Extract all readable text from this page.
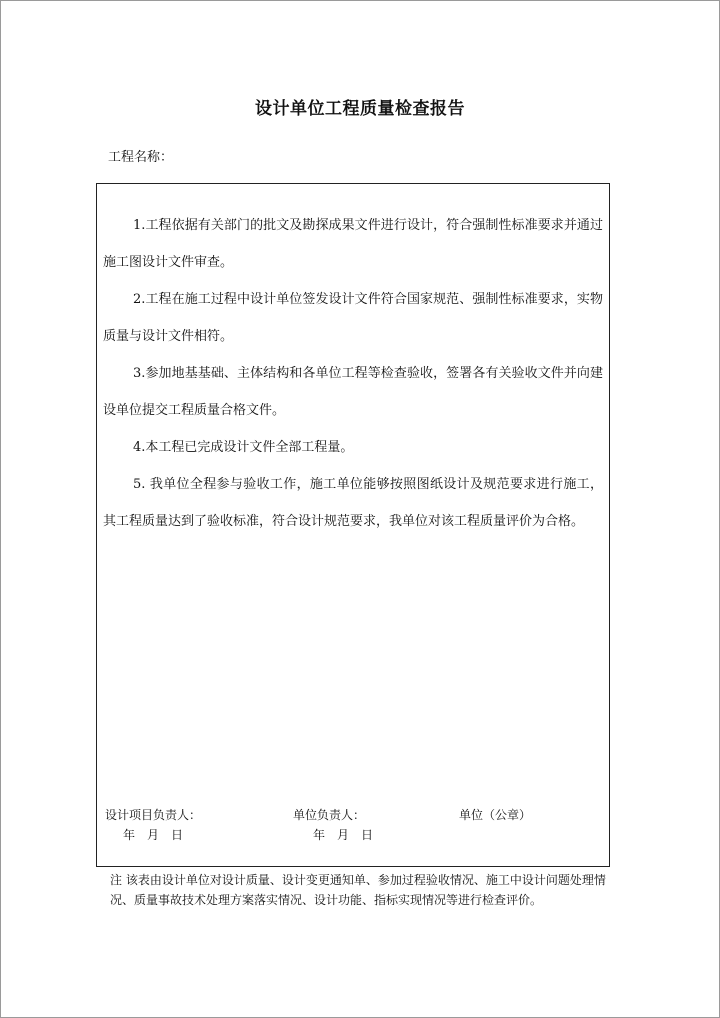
设计单位工程质量检查报告
工程名称：

1.工程依据有关部门的批文及勘探成果文件进行设计，符合强制性标准要求并通过施工图设计文件审查。

2.工程在施工过程中设计单位签发设计文件符合国家规范、强制性标准要求，实物质量与设计文件相符。

3.参加地基基础、主体结构和各单位工程等检查验收，签署各有关验收文件并向建设单位提交工程质量合格文件。

4.本工程已完成设计文件全部工程量。

5. 我单位全程参与验收工作，施工单位能够按照图纸设计及规范要求进行施工，其工程质量达到了验收标准，符合设计规范要求，我单位对该工程质量评价为合格。

设计项目负责人：	单位负责人：	单位（公章）
年　月　日	年　月　日
注 该表由设计单位对设计质量、设计变更通知单、参加过程验收情况、施工中设计问题处理情况、质量事故技术处理方案落实情况、设计功能、指标实现情况等进行检查评价。
